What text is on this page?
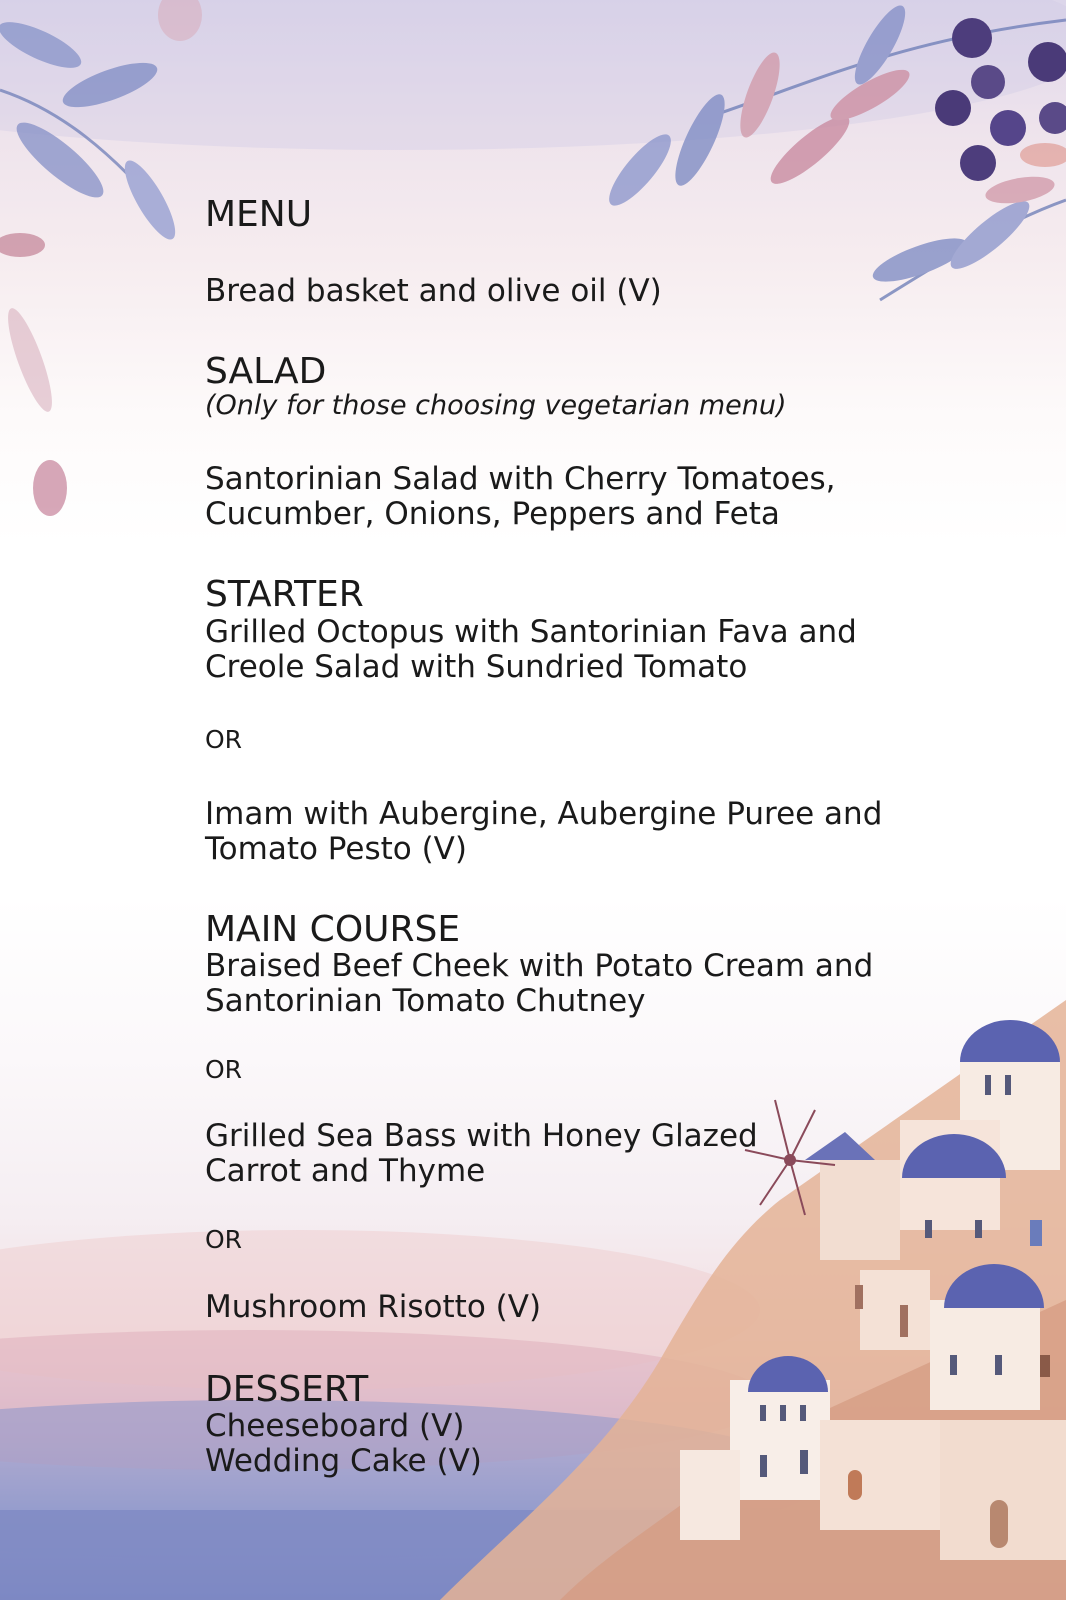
MENU
Bread basket and olive oil (V)
SALAD
(Only for those choosing vegetarian menu)
Santorinian Salad with Cherry Tomatoes,
Cucumber, Onions, Peppers and Feta
STARTER
Grilled Octopus with Santorinian Fava and
Creole Salad with Sundried Tomato
OR
Imam with Aubergine, Aubergine Puree and
Tomato Pesto (V)
MAIN COURSE
Braised Beef Cheek with Potato Cream and
Santorinian Tomato Chutney
OR
Grilled Sea Bass with Honey Glazed
Carrot and Thyme
OR
Mushroom Risotto (V)
DESSERT
Cheeseboard (V)
Wedding Cake (V)
